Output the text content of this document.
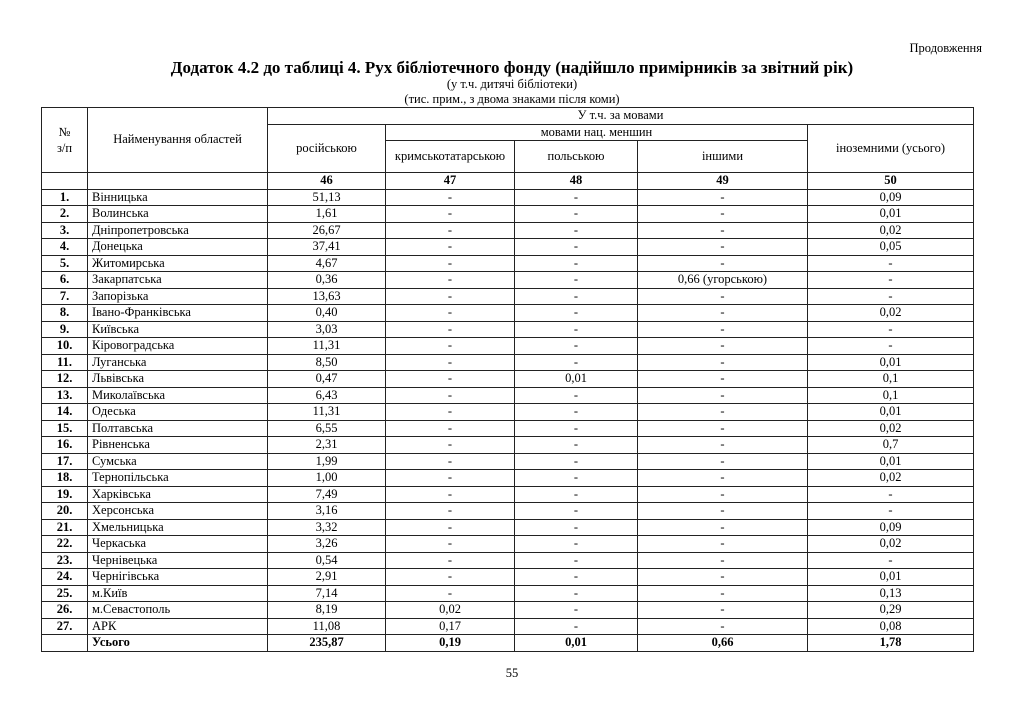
Продовження
Додаток 4.2 до таблиці 4. Рух бібліотечного фонду (надійшло примірників за звітний рік)
(у т.ч. дитячі бібліотеки)
(тис. прим., з двома знаками після коми)
№
з/п	Найменування областей	У т.ч. за мовами				
		російською	мовами нац. меншин			іноземними (усього)
			кримськотатарською	польською	іншими	
		46	47	48	49	50
1.	Вінницька	51,13	-	-	-	0,09
2.	Волинська	1,61	-	-	-	0,01
3.	Дніпропетровська	26,67	-	-	-	0,02
4.	Донецька	37,41	-	-	-	0,05
5.	Житомирська	4,67	-	-	-	-
6.	Закарпатська	0,36	-	-	0,66 (угорською)	-
7.	Запорізька	13,63	-	-	-	-
8.	Івано-Франківська	0,40	-	-	-	0,02
9.	Київська	3,03	-	-	-	-
10.	Кіровоградська	11,31	-	-	-	-
11.	Луганська	8,50	-	-	-	0,01
12.	Львівська	0,47	-	0,01	-	0,1
13.	Миколаївська	6,43	-	-	-	0,1
14.	Одеська	11,31	-	-	-	0,01
15.	Полтавська	6,55	-	-	-	0,02
16.	Рівненська	2,31	-	-	-	0,7
17.	Сумська	1,99	-	-	-	0,01
18.	Тернопільська	1,00	-	-	-	0,02
19.	Харківська	7,49	-	-	-	-
20.	Херсонська	3,16	-	-	-	-
21.	Хмельницька	3,32	-	-	-	0,09
22.	Черкаська	3,26	-	-	-	0,02
23.	Чернівецька	0,54	-	-	-	-
24.	Чернігівська	2,91	-	-	-	0,01
25.	м.Київ	7,14	-	-	-	0,13
26.	м.Севастополь	8,19	0,02	-	-	0,29
27.	АРК	11,08	0,17	-	-	0,08
	Усього	235,87	0,19	0,01	0,66	1,78
55
